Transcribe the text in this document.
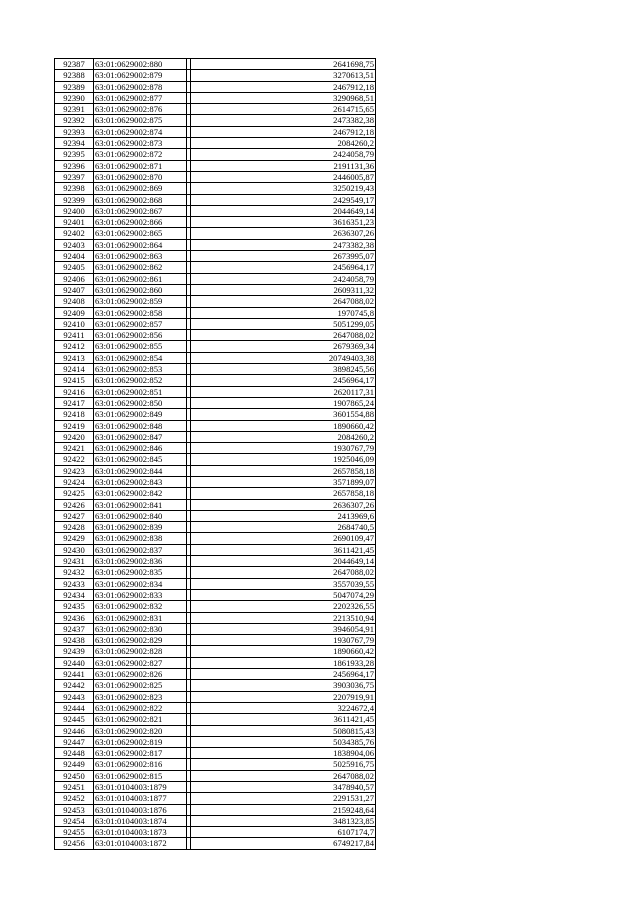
92387	63:01:0629002:880		2641698,75
92388	63:01:0629002:879		3270613,51
92389	63:01:0629002:878		2467912,18
92390	63:01:0629002:877		3290968,51
92391	63:01:0629002:876		2614715,65
92392	63:01:0629002:875		2473382,38
92393	63:01:0629002:874		2467912,18
92394	63:01:0629002:873		2084260,2
92395	63:01:0629002:872		2424058,79
92396	63:01:0629002:871		2191131,36
92397	63:01:0629002:870		2446005,87
92398	63:01:0629002:869		3250219,43
92399	63:01:0629002:868		2429549,17
92400	63:01:0629002:867		2044649,14
92401	63:01:0629002:866		3616351,23
92402	63:01:0629002:865		2636307,26
92403	63:01:0629002:864		2473382,38
92404	63:01:0629002:863		2673995,07
92405	63:01:0629002:862		2456964,17
92406	63:01:0629002:861		2424058,79
92407	63:01:0629002:860		2609311,32
92408	63:01:0629002:859		2647088,02
92409	63:01:0629002:858		1970745,8
92410	63:01:0629002:857		5051299,05
92411	63:01:0629002:856		2647088,02
92412	63:01:0629002:855		2679369,34
92413	63:01:0629002:854		20749403,38
92414	63:01:0629002:853		3898245,56
92415	63:01:0629002:852		2456964,17
92416	63:01:0629002:851		2620117,31
92417	63:01:0629002:850		1907865,24
92418	63:01:0629002:849		3601554,88
92419	63:01:0629002:848		1890660,42
92420	63:01:0629002:847		2084260,2
92421	63:01:0629002:846		1930767,79
92422	63:01:0629002:845		1925046,09
92423	63:01:0629002:844		2657858,18
92424	63:01:0629002:843		3571899,07
92425	63:01:0629002:842		2657858,18
92426	63:01:0629002:841		2636307,26
92427	63:01:0629002:840		2413969,6
92428	63:01:0629002:839		2684740,5
92429	63:01:0629002:838		2690109,47
92430	63:01:0629002:837		3611421,45
92431	63:01:0629002:836		2044649,14
92432	63:01:0629002:835		2647088,02
92433	63:01:0629002:834		3557039,55
92434	63:01:0629002:833		5047074,29
92435	63:01:0629002:832		2202326,55
92436	63:01:0629002:831		2213510,94
92437	63:01:0629002:830		3946054,91
92438	63:01:0629002:829		1930767,79
92439	63:01:0629002:828		1890660,42
92440	63:01:0629002:827		1861933,28
92441	63:01:0629002:826		2456964,17
92442	63:01:0629002:825		3903036,75
92443	63:01:0629002:823		2207919,91
92444	63:01:0629002:822		3224672,4
92445	63:01:0629002:821		3611421,45
92446	63:01:0629002:820		5080815,43
92447	63:01:0629002:819		5034385,76
92448	63:01:0629002:817		1838904,06
92449	63:01:0629002:816		5025916,75
92450	63:01:0629002:815		2647088,02
92451	63:01:0104003:1879		3478940,57
92452	63:01:0104003:1877		2291531,27
92453	63:01:0104003:1876		2159248,64
92454	63:01:0104003:1874		3481323,85
92455	63:01:0104003:1873		6107174,7
92456	63:01:0104003:1872		6749217,84
